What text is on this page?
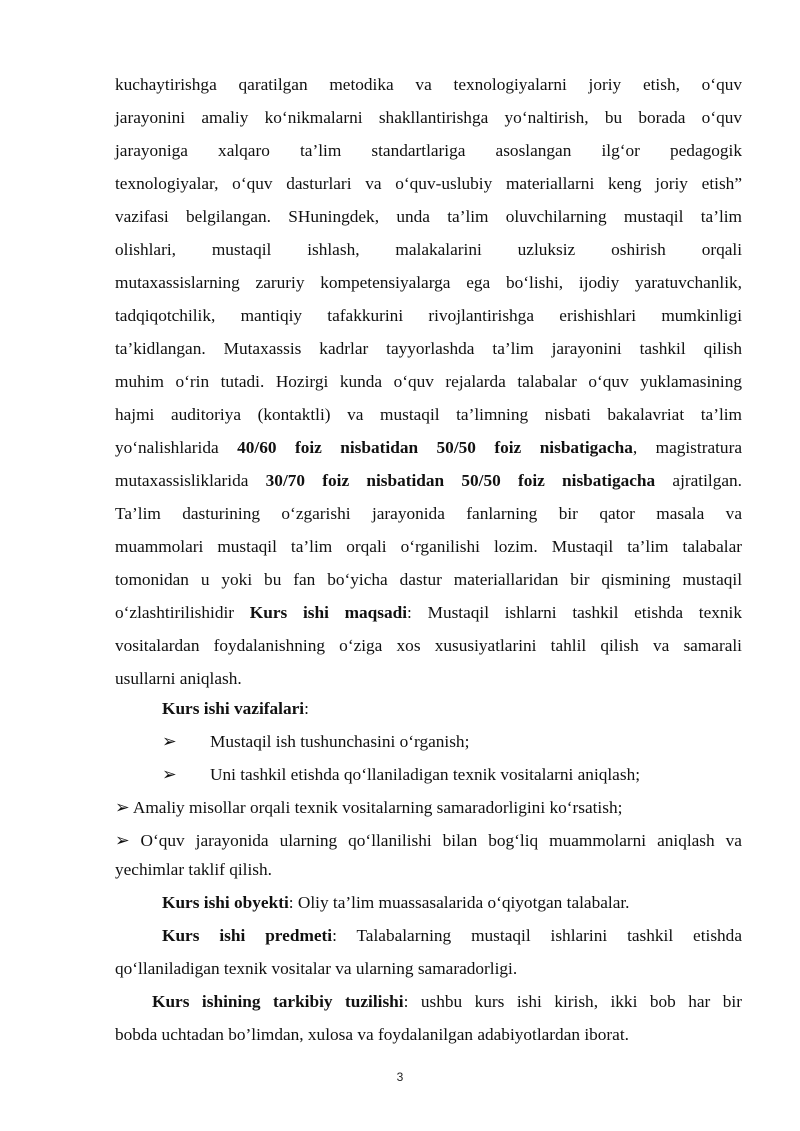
kuchaytirishga qaratilgan metodika va texnologiyalarni joriy etish, o‘quv
jarayonini amaliy ko‘nikmalarni shakllantirishga yo‘naltirish, bu borada o‘quv
jarayoniga xalqaro ta’lim standartlariga asoslangan ilg‘or pedagogik
texnologiyalar, o‘quv dasturlari va o‘quv-uslubiy materiallarni keng joriy etish”
vazifasi belgilangan. SHuningdek, unda ta’lim oluvchilarning mustaqil ta’lim
olishlari, mustaqil ishlash, malakalarini uzluksiz oshirish orqali
mutaxassislarning zaruriy kompetensiyalarga ega bo‘lishi, ijodiy yaratuvchanlik,
tadqiqotchilik, mantiqiy tafakkurini rivojlantirishga erishishlari mumkinligi
ta’kidlangan. Mutaxassis kadrlar tayyorlashda ta’lim jarayonini tashkil qilish
muhim o‘rin tutadi. Hozirgi kunda o‘quv rejalarda talabalar o‘quv yuklamasining
hajmi auditoriya (kontaktli) va mustaqil ta’limning nisbati bakalavriat ta’lim
yo‘nalishlarida 40/60 foiz nisbatidan 50/50 foiz nisbatigacha, magistratura
mutaxassisliklarida 30/70 foiz nisbatidan 50/50 foiz nisbatigacha ajratilgan.
Ta’lim dasturining o‘zgarishi jarayonida fanlarning bir qator masala va
muammolari mustaqil ta’lim orqali o‘rganilishi lozim. Mustaqil ta’lim talabalar
tomonidan u yoki bu fan bo‘yicha dastur materiallaridan bir qismining mustaqil
o‘zlashtirilishidir Kurs ishi maqsadi: Mustaqil ishlarni tashkil etishda texnik
vositalardan foydalanishning o‘ziga xos xususiyatlarini tahlil qilish va samarali
usullarni aniqlash.
Kurs ishi vazifalari:
➢ Mustaqil ish tushunchasini o‘rganish;
➢ Uni tashkil etishda qo‘llaniladigan texnik vositalarni aniqlash;
➢ Amaliy misollar orqali texnik vositalarning samaradorligini ko‘rsatish;
➢ O‘quv jarayonida ularning qo‘llanilishi bilan bog‘liq muammolarni aniqlash va
yechimlar taklif qilish.
Kurs ishi obyekti: Oliy ta’lim muassasalarida o‘qiyotgan talabalar.
Kurs ishi predmeti: Talabalarning mustaqil ishlarini tashkil etishda
qo‘llaniladigan texnik vositalar va ularning samaradorligi.
Kurs ishining tarkibiy tuzilishi: ushbu kurs ishi kirish, ikki bob har bir
bobda uchtadan bo’limdan, xulosa va foydalanilgan adabiyotlardan iborat.
3
